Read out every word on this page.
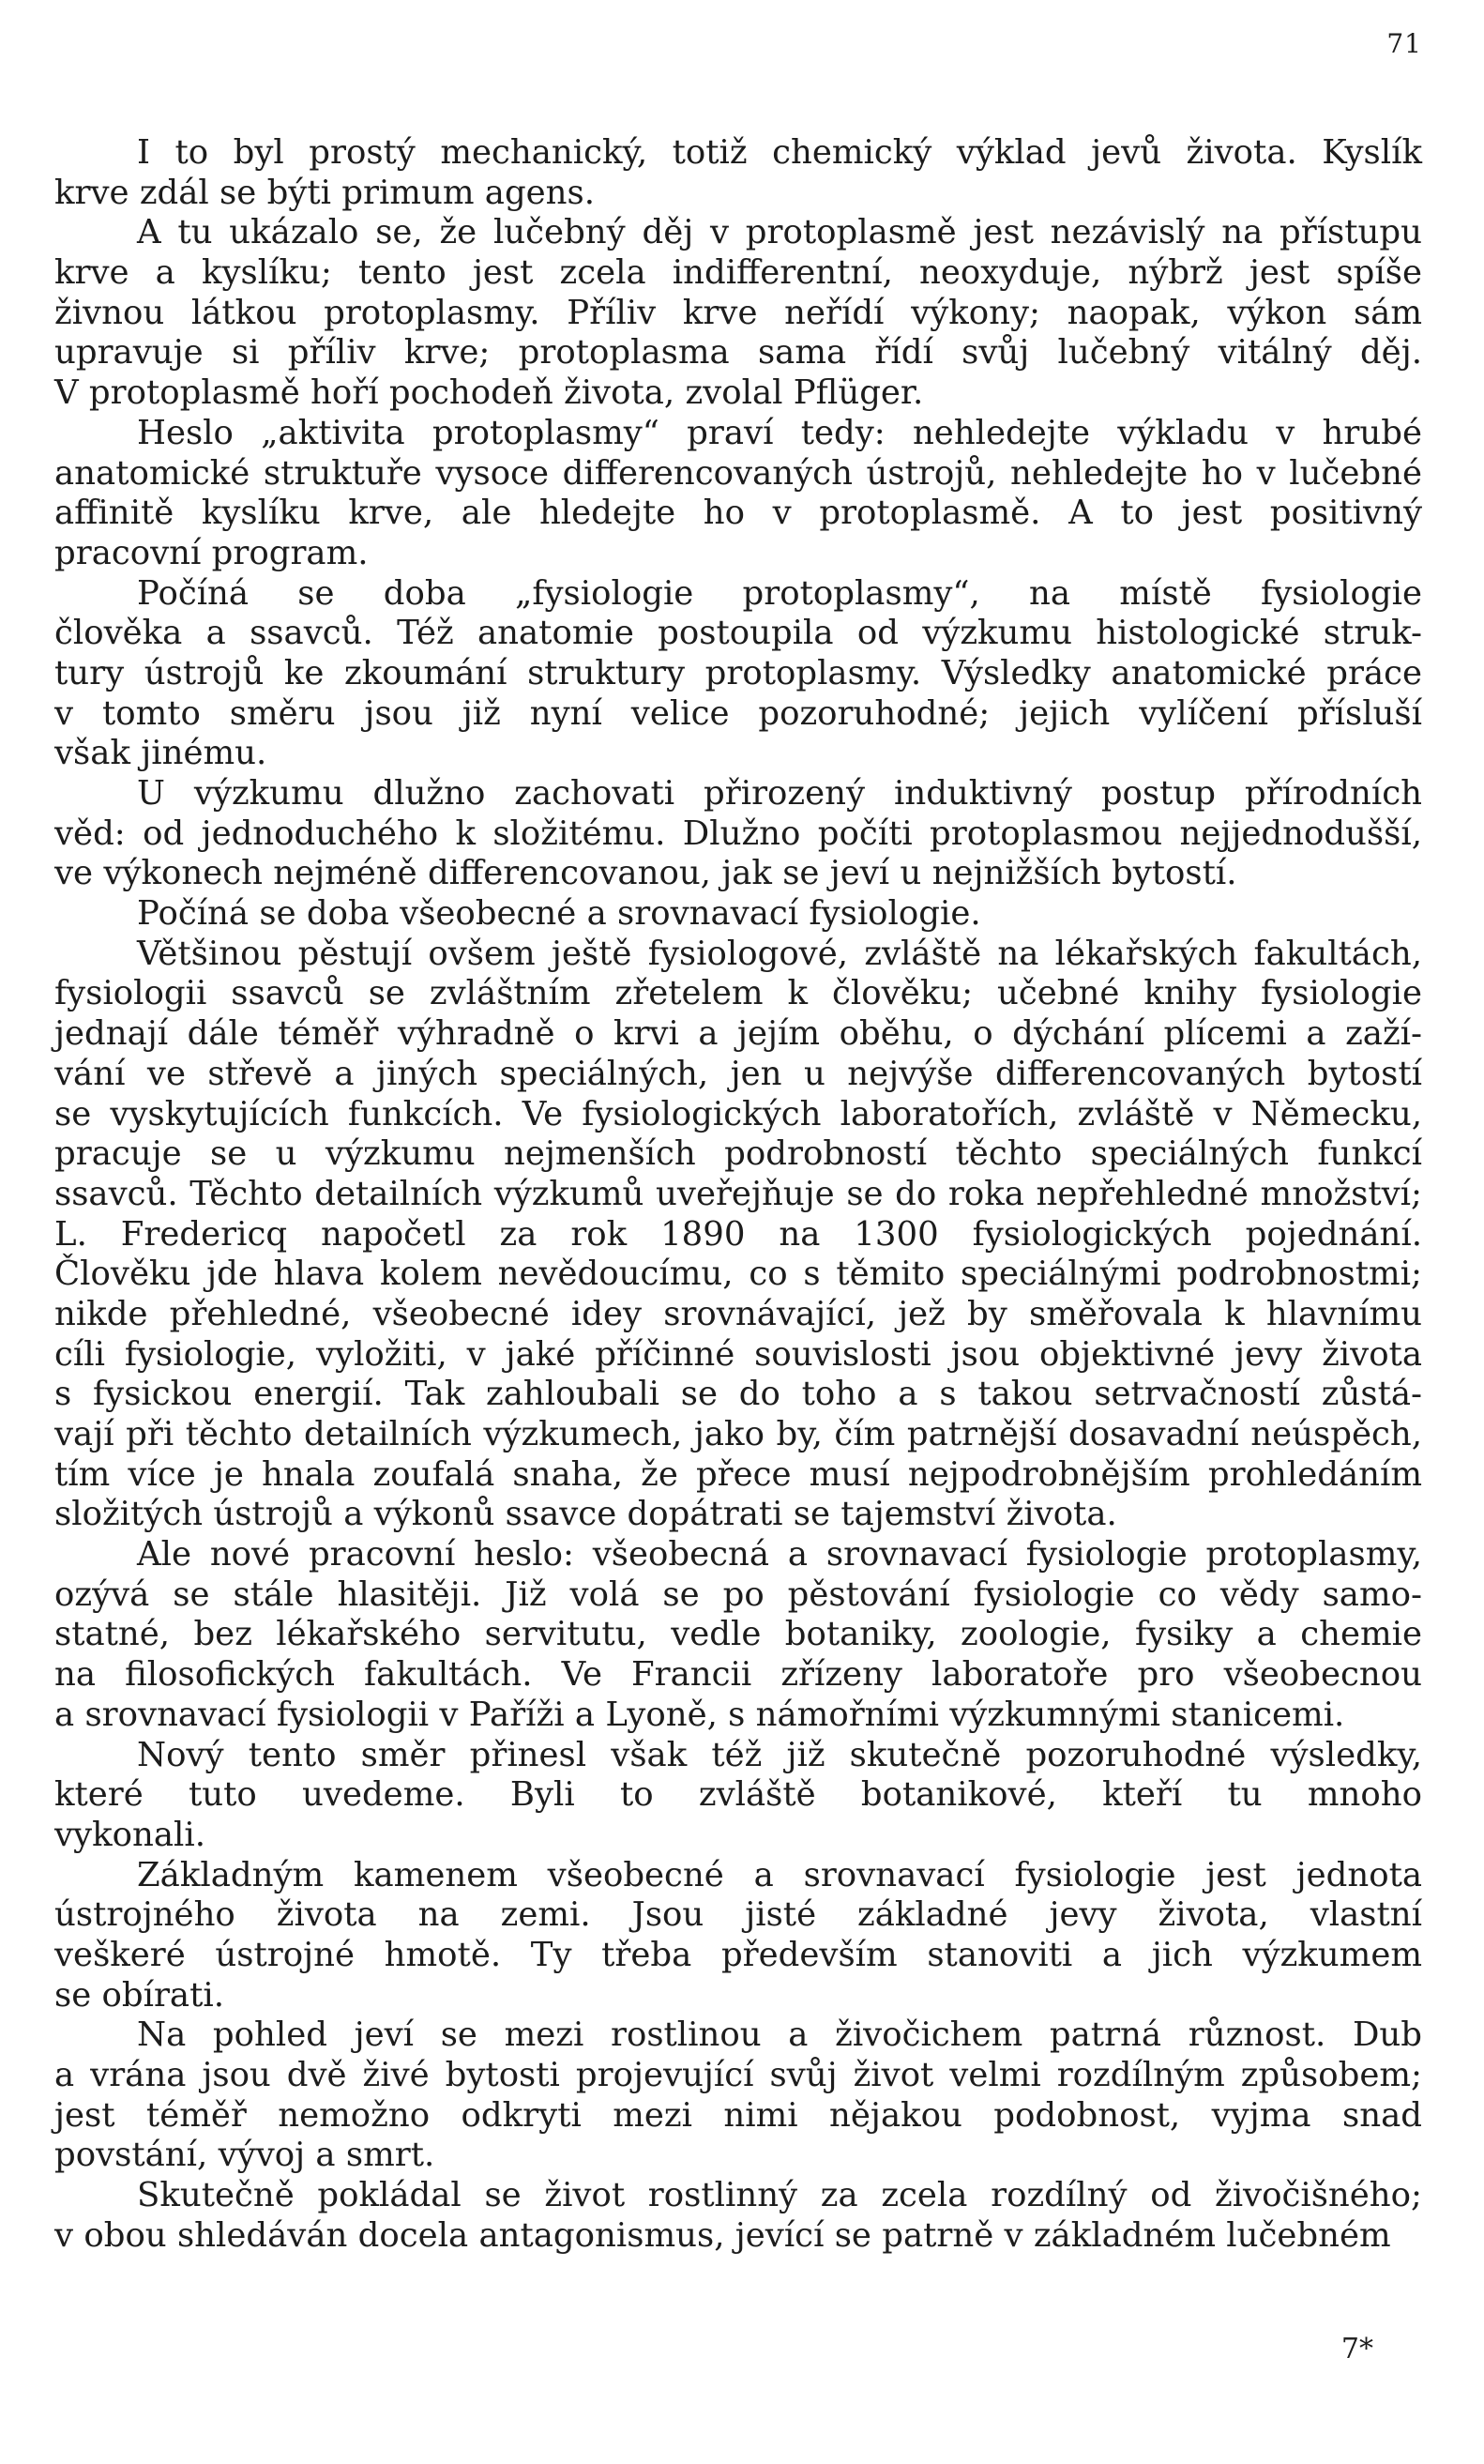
71
I to byl prostý mechanický, totiž chemický výklad jevů života. Kyslík
krve zdál se býti primum agens.
A tu ukázalo se, že lučebný děj v protoplasmě jest nezávislý na přístupu
krve a kyslíku; tento jest zcela indifferentní, neoxyduje, nýbrž jest spíše
živnou látkou protoplasmy. Příliv krve neřídí výkony; naopak, výkon sám
upravuje si příliv krve; protoplasma sama řídí svůj lučebný vitálný děj.
V protoplasmě hoří pochodeň života, zvolal Pflüger.
Heslo „aktivita protoplasmy“ praví tedy: nehledejte výkladu v hrubé
anatomické struktuře vysoce differencovaných ústrojů, nehledejte ho v lučebné
affinitě kyslíku krve, ale hledejte ho v protoplasmě. A to jest positivný
pracovní program.
Počíná se doba „fysiologie protoplasmy“, na místě fysiologie
člověka a ssavců. Též anatomie postoupila od výzkumu histologické struk-
tury ústrojů ke zkoumání struktury protoplasmy. Výsledky anatomické práce
v tomto směru jsou již nyní velice pozoruhodné; jejich vylíčení přísluší
však jinému.
U výzkumu dlužno zachovati přirozený induktivný postup přírodních
věd: od jednoduchého k složitému. Dlužno počíti protoplasmou nejjednodušší,
ve výkonech nejméně differencovanou, jak se jeví u nejnižších bytostí.
Počíná se doba všeobecné a srovnavací fysiologie.
Většinou pěstují ovšem ještě fysiologové, zvláště na lékařských fakultách,
fysiologii ssavců se zvláštním zřetelem k člověku; učebné knihy fysiologie
jednají dále téměř výhradně o krvi a jejím oběhu, o dýchání plícemi a zaží-
vání ve střevě a jiných speciálných, jen u nejvýše differencovaných bytostí
se vyskytujících funkcích. Ve fysiologických laboratořích, zvláště v Německu,
pracuje se u výzkumu nejmenších podrobností těchto speciálných funkcí
ssavců. Těchto detailních výzkumů uveřejňuje se do roka nepřehledné množství;
L. Fredericq napočetl za rok 1890 na 1300 fysiologických pojednání.
Člověku jde hlava kolem nevědoucímu, co s těmito speciálnými podrobnostmi;
nikde přehledné, všeobecné idey srovnávající, jež by směřovala k hlavnímu
cíli fysiologie, vyložiti, v jaké příčinné souvislosti jsou objektivné jevy života
s fysickou energií. Tak zahloubali se do toho a s takou setrvačností zůstá-
vají při těchto detailních výzkumech, jako by, čím patrnější dosavadní neúspěch,
tím více je hnala zoufalá snaha, že přece musí nejpodrobnějším prohledáním
složitých ústrojů a výkonů ssavce dopátrati se tajemství života.
Ale nové pracovní heslo: všeobecná a srovnavací fysiologie protoplasmy,
ozývá se stále hlasitěji. Již volá se po pěstování fysiologie co vědy samo-
statné, bez lékařského servitutu, vedle botaniky, zoologie, fysiky a chemie
na filosofických fakultách. Ve Francii zřízeny laboratoře pro všeobecnou
a srovnavací fysiologii v Paříži a Lyoně, s námořními výzkumnými stanicemi.
Nový tento směr přinesl však též již skutečně pozoruhodné výsledky,
které tuto uvedeme. Byli to zvláště botanikové, kteří tu mnoho
vykonali.
Základným kamenem všeobecné a srovnavací fysiologie jest jednota
ústrojného života na zemi. Jsou jisté základné jevy života, vlastní
veškeré ústrojné hmotě. Ty třeba především stanoviti a jich výzkumem
se obírati.
Na pohled jeví se mezi rostlinou a živočichem patrná různost. Dub
a vrána jsou dvě živé bytosti projevující svůj život velmi rozdílným způsobem;
jest téměř nemožno odkryti mezi nimi nějakou podobnost, vyjma snad
povstání, vývoj a smrt.
Skutečně pokládal se život rostlinný za zcela rozdílný od živočišného;
v obou shledáván docela antagonismus, jevící se patrně v základném lučebném
7*
